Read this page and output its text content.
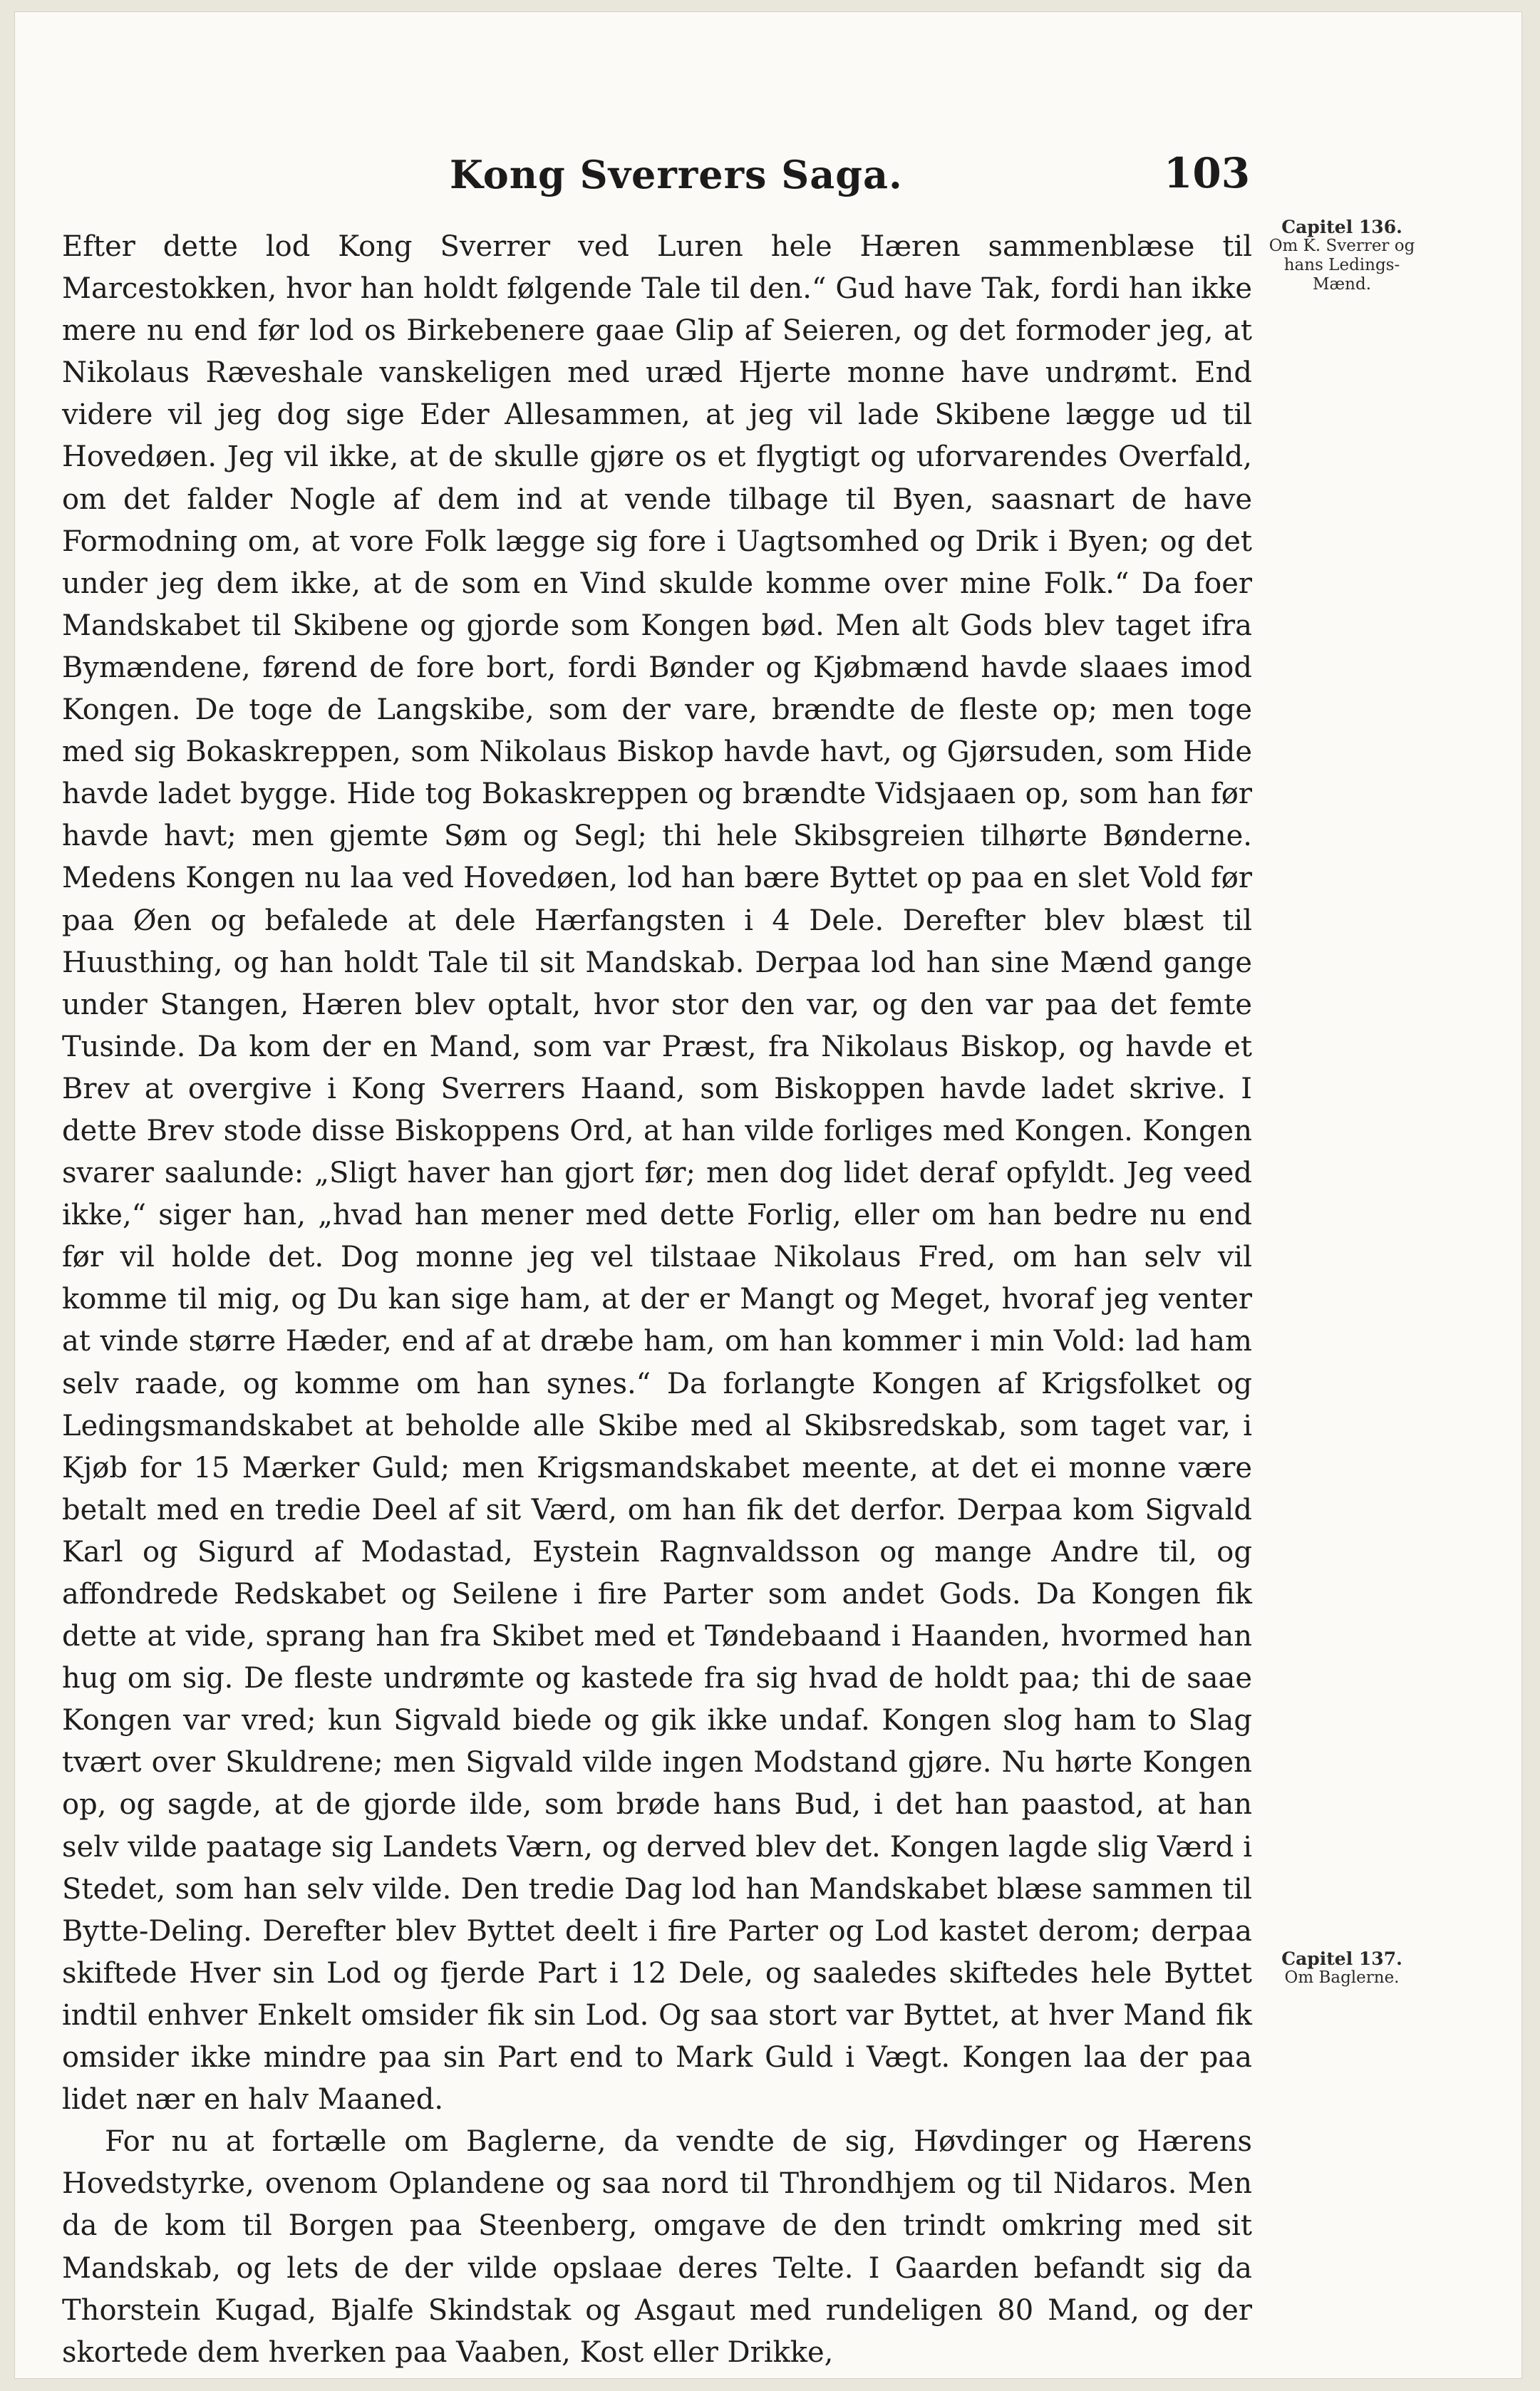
Kong Sverrers Saga.	103

Efter dette lod Kong Sverrer ved Luren hele Hæren sammenblæse til Marcestokken, hvor han holdt følgende Tale til den.“ Gud have Tak, fordi han ikke mere nu end før lod os Birkebenere gaae Glip af Seieren, og det formoder jeg, at Nikolaus Ræveshale vanskeligen med uræd Hjerte monne have undrømt. End videre vil jeg dog sige Eder Allesammen, at jeg vil lade Skibene lægge ud til Hovedøen. Jeg vil ikke, at de skulle gjøre os et flygtigt og uforvarendes Overfald, om det falder Nogle af dem ind at vende tilbage til Byen, saasnart de have Formodning om, at vore Folk lægge sig fore i Uagtsomhed og Drik i Byen; og det under jeg dem ikke, at de som en Vind skulde komme over mine Folk.“ Da foer Mandskabet til Skibene og gjorde som Kongen bød. Men alt Gods blev taget ifra Bymændene, førend de fore bort, fordi Bønder og Kjøbmænd havde slaaes imod Kongen. De toge de Langskibe, som der vare, brændte de fleste op; men toge med sig Bokaskreppen, som Nikolaus Biskop havde havt, og Gjørsuden, som Hide havde ladet bygge. Hide tog Bokaskreppen og brændte Vidsjaaen op, som han før havde havt; men gjemte Søm og Segl; thi hele Skibsgreien tilhørte Bønderne. Medens Kongen nu laa ved Hovedøen, lod han bære Byttet op paa en slet Vold før paa Øen og befalede at dele Hærfangsten i 4 Dele. Derefter blev blæst til Huusthing, og han holdt Tale til sit Mandskab. Derpaa lod han sine Mænd gange under Stangen, Hæren blev optalt, hvor stor den var, og den var paa det femte Tusinde. Da kom der en Mand, som var Præst, fra Nikolaus Biskop, og havde et Brev at overgive i Kong Sverrers Haand, som Biskoppen havde ladet skrive. I dette Brev stode disse Biskoppens Ord, at han vilde forliges med Kongen. Kongen svarer saalunde: „Sligt haver han gjort før; men dog lidet deraf opfyldt. Jeg veed ikke,“ siger han, „hvad han mener med dette Forlig, eller om han bedre nu end før vil holde det. Dog monne jeg vel tilstaae Nikolaus Fred, om han selv vil komme til mig, og Du kan sige ham, at der er Mangt og Meget, hvoraf jeg venter at vinde større Hæder, end af at dræbe ham, om han kommer i min Vold: lad ham selv raade, og komme om han synes.“ Da forlangte Kongen af Krigsfolket og Ledingsmandskabet at beholde alle Skibe med al Skibsredskab, som taget var, i Kjøb for 15 Mærker Guld; men Krigsmandskabet meente, at det ei monne være betalt med en tredie Deel af sit Værd, om han fik det derfor. Derpaa kom Sigvald Karl og Sigurd af Modastad, Eystein Ragnvaldsson og mange Andre til, og affondrede Redskabet og Seilene i fire Parter som andet Gods. Da Kongen fik dette at vide, sprang han fra Skibet med et Tøndebaand i Haanden, hvormed han hug om sig. De fleste undrømte og kastede fra sig hvad de holdt paa; thi de saae Kongen var vred; kun Sigvald biede og gik ikke undaf. Kongen slog ham to Slag tvært over Skuldrene; men Sigvald vilde ingen Modstand gjøre. Nu hørte Kongen op, og sagde, at de gjorde ilde, som brøde hans Bud, i det han paastod, at han selv vilde paatage sig Landets Værn, og derved blev det. Kongen lagde slig Værd i Stedet, som han selv vilde. Den tredie Dag lod han Mandskabet blæse sammen til Bytte-Deling. Derefter blev Byttet deelt i fire Parter og Lod kastet derom; derpaa skiftede Hver sin Lod og fjerde Part i 12 Dele, og saaledes skiftedes hele Byttet indtil enhver Enkelt omsider fik sin Lod. Og saa stort var Byttet, at hver Mand fik omsider ikke mindre paa sin Part end to Mark Guld i Vægt. Kongen laa der paa lidet nær en halv Maaned.

For nu at fortælle om Baglerne, da vendte de sig, Høvdinger og Hærens Hovedstyrke, ovenom Oplandene og saa nord til Throndhjem og til Nidaros. Men da de kom til Borgen paa Steenberg, omgave de den trindt omkring med sit Mandskab, og lets de der vilde opslaae deres Telte. I Gaarden befandt sig da Thorstein Kugad, Bjalfe Skindstak og Asgaut med rundeligen 80 Mand, og der skortede dem hverken paa Vaaben, Kost eller Drikke,

Capitel 136.
Om K. Sverrer og hans Ledings-Mænd.
Capitel 137.
Om Baglerne.
